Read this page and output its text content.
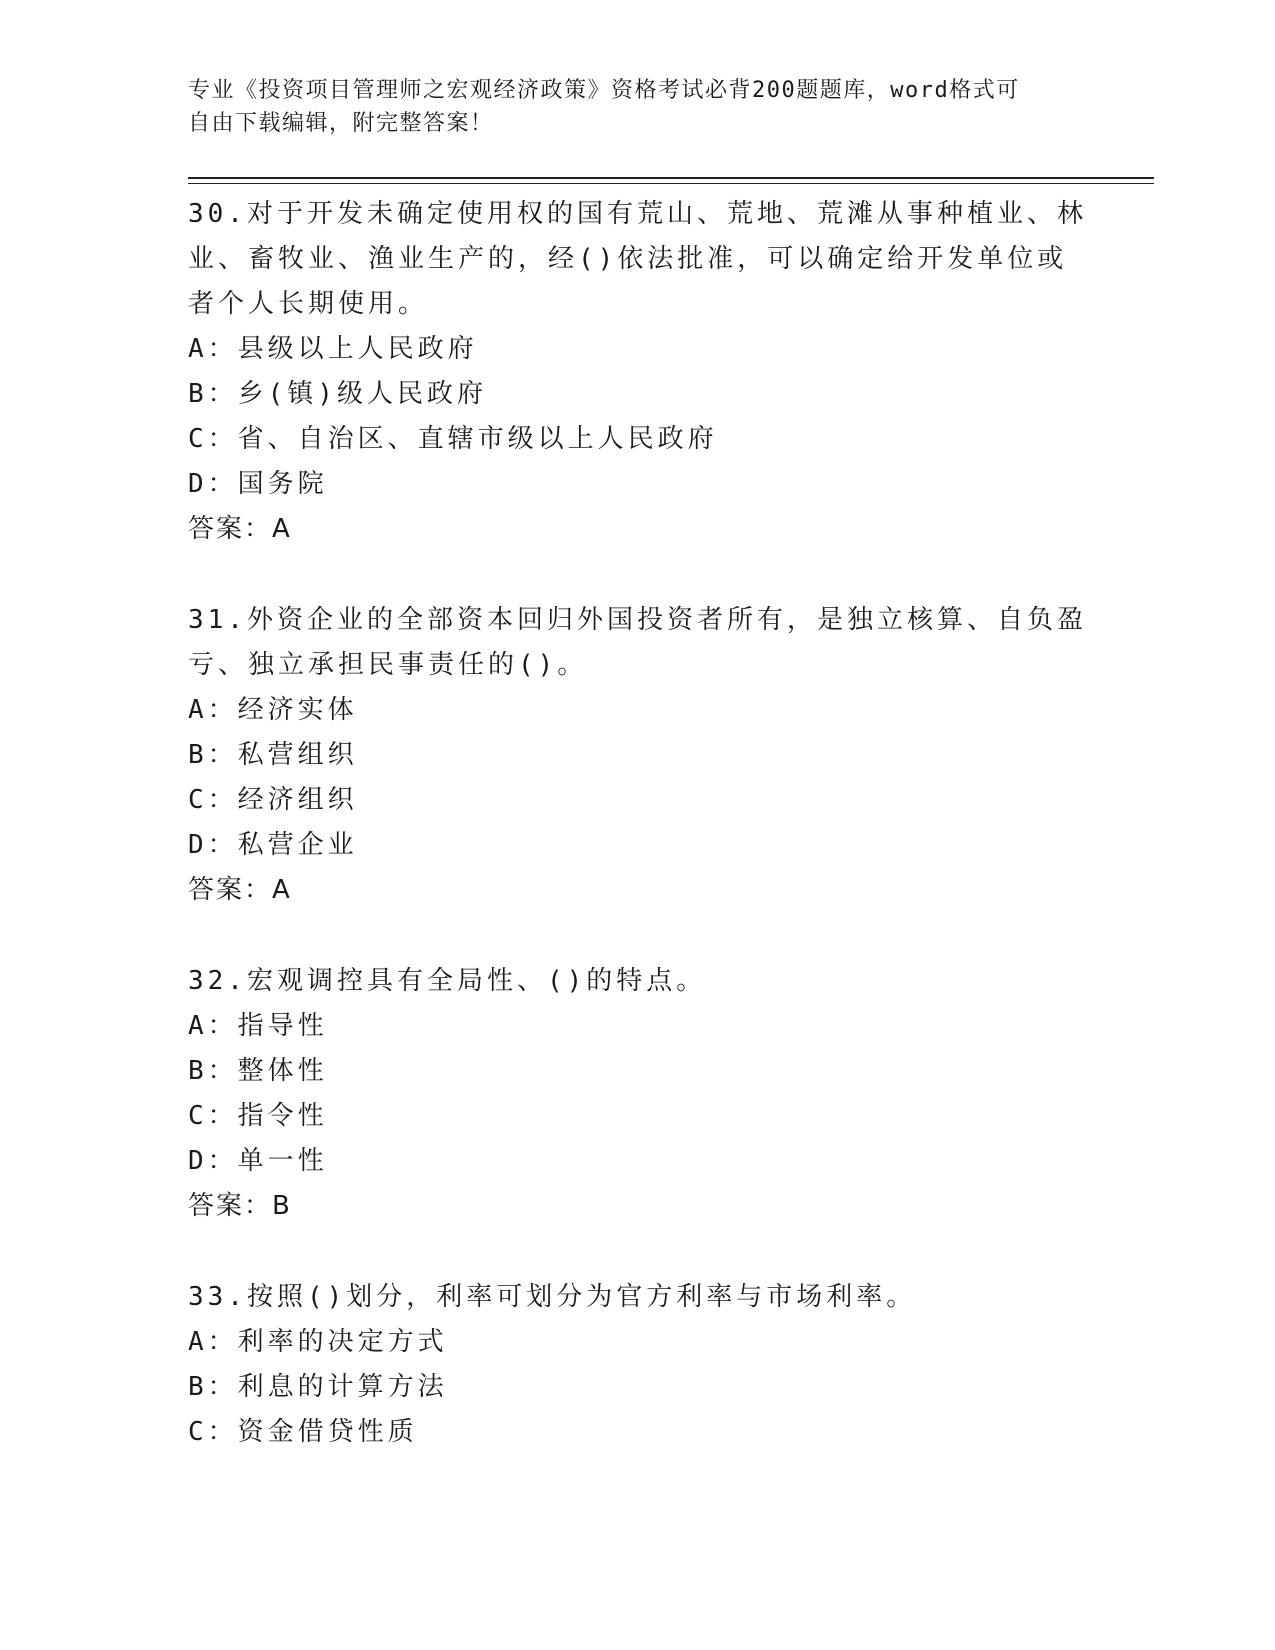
专业《投资项目管理师之宏观经济政策》资格考试必背200题题库，word格式可
自由下载编辑，附完整答案！

30.对于开发未确定使用权的国有荒山、荒地、荒滩从事种植业、林业、畜牧业、渔业生产的，经()依法批准，可以确定给开发单位或者个人长期使用。

A：县级以上人民政府

B：乡(镇)级人民政府

C：省、自治区、直辖市级以上人民政府

D：国务院

答案：A

31.外资企业的全部资本回归外国投资者所有，是独立核算、自负盈亏、独立承担民事责任的()。

A：经济实体

B：私营组织

C：经济组织

D：私营企业

答案：A

32.宏观调控具有全局性、()的特点。

A：指导性

B：整体性

C：指令性

D：单一性

答案：B

33.按照()划分，利率可划分为官方利率与市场利率。

A：利率的决定方式

B：利息的计算方法

C：资金借贷性质
